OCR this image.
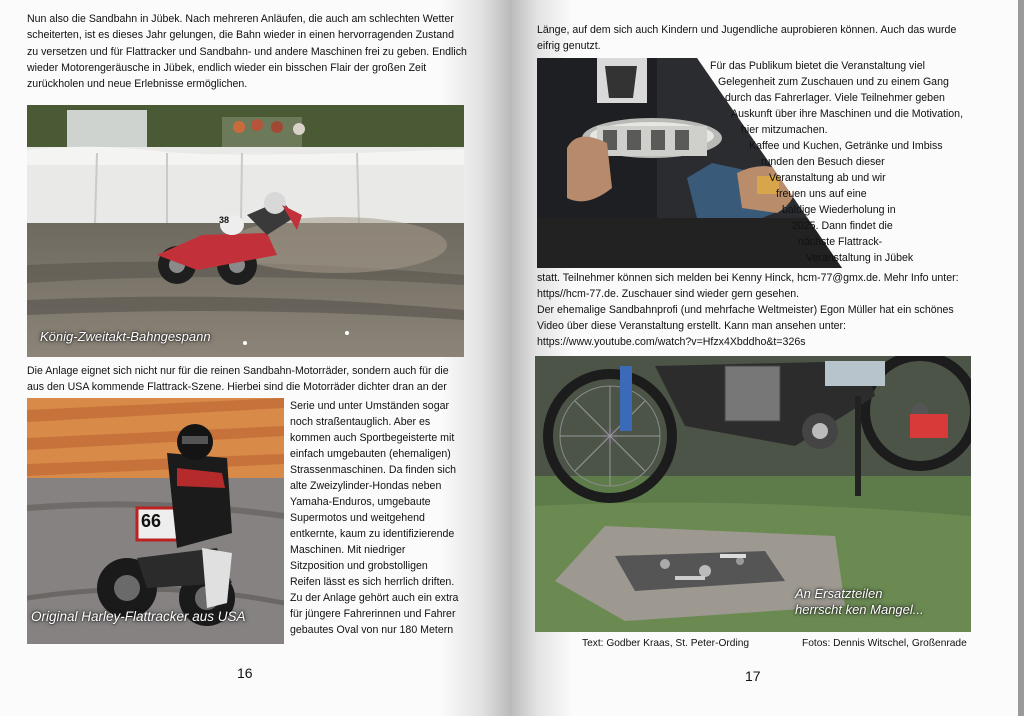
Nun also die Sandbahn in Jübek. Nach mehreren Anläufen, die auch am schlechten Wetter scheiterten, ist es dieses Jahr gelungen, die Bahn wieder in einen hervorragenden Zustand zu versetzen und für Flattracker und Sandbahn- und andere Maschinen frei zu geben. Endlich wieder Motorengeräusche in Jübek, endlich wieder ein bisschen Flair der großen Zeit zurückholen und neue Erlebnisse ermöglichen.

38
König-Zweitakt-Bahngespann
Die Anlage eignet sich nicht nur für die reinen Sandbahn-Motorräder, sondern auch für die
aus den USA kommende Flattrack-Szene. Hierbei sind die Motorräder dichter dran an der
66
Original Harley-Flattracker aus USA
Serie und unter Umständen sogar
noch straßentauglich. Aber es
kommen auch Sportbegeisterte mit
einfach umgebauten (ehemaligen)
Strassenmaschinen. Da finden sich
alte Zweizylinder-Hondas neben
Yamaha-Enduros, umgebaute
Supermotos und weitgehend
entkernte, kaum zu identifizierende
Maschinen. Mit niedriger
Sitzposition und grobstolligen
Reifen lässt es sich herrlich driften.
Zu der Anlage gehört auch ein extra
für jüngere Fahrerinnen und Fahrer
gebautes Oval von nur 180 Metern
16
Länge, auf dem sich auch Kindern und Jugendliche auprobieren können. Auch das wurde
eifrig genutzt.
Für das Publikum bietet die Veranstaltung viel
Gelegenheit zum Zuschauen und zu einem Gang
durch das Fahrerlager. Viele Teilnehmer geben
Auskunft über ihre Maschinen und die Motivation,
hier mitzumachen.
Kaffee und Kuchen, Getränke und Imbiss
runden den Besuch dieser
Veranstaltung ab und wir
freuen uns auf eine
baldige Wiederholung in
2025. Dann findet die
nächste Flattrack-
Veranstaltung in Jübek
statt. Teilnehmer können sich melden bei Kenny Hinck, hcm-77@gmx.de. Mehr Info unter:
https//hcm-77.de. Zuschauer sind wieder gern gesehen.
Der ehemalige Sandbahnprofi (und mehrfache Weltmeister) Egon Müller hat ein schönes
Video über diese Veranstaltung erstellt. Kann man ansehen unter:
https://www.youtube.com/watch?v=Hfzx4Xbddho&t=326s
An Ersatzteilen
herrscht ken Mangel...
Text: Godber Kraas, St. Peter-Ording	Fotos: Dennis Witschel, Großenrade
17
